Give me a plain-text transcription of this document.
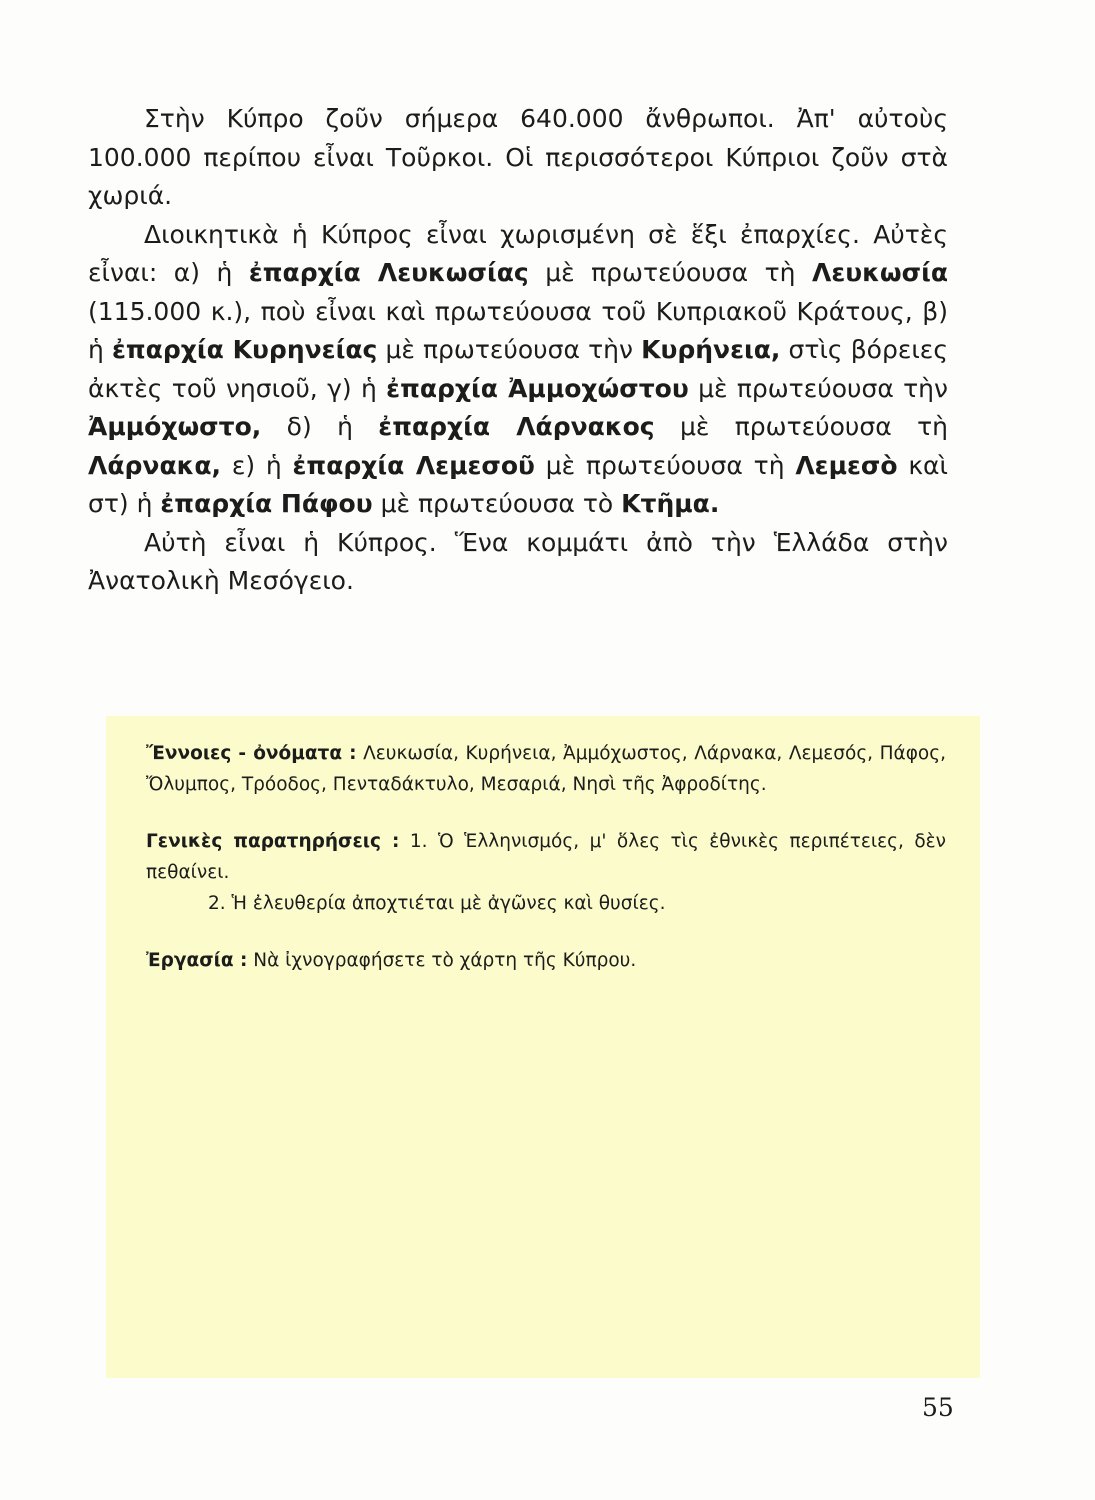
Στὴν Κύπρο ζοῦν σήμερα 640.000 ἄνθρωποι. Ἀπ' αὐτοὺς 100.000 περίπου εἶναι Τοῦρκοι. Οἱ περισσότεροι Κύπριοι ζοῦν στὰ χωριά.

Διοικητικὰ ἡ Κύπρος εἶναι χωρισμένη σὲ ἕξι ἐπαρχίες. Αὐτὲς εἶναι: α) ἡ ἐπαρχία Λευκωσίας μὲ πρωτεύουσα τὴ Λευκωσία (115.000 κ.), ποὺ εἶναι καὶ πρωτεύουσα τοῦ Κυπριακοῦ Κράτους, β) ἡ ἐπαρχία Κυρηνείας μὲ πρωτεύουσα τὴν Κυρήνεια, στὶς βόρειες ἀκτὲς τοῦ νησιοῦ, γ) ἡ ἐπαρχία Ἀμμοχώστου μὲ πρωτεύουσα τὴν Ἀμμόχωστο, δ) ἡ ἐπαρχία Λάρνακος μὲ πρωτεύουσα τὴ Λάρνακα, ε) ἡ ἐπαρχία Λεμεσοῦ μὲ πρωτεύουσα τὴ Λεμεσὸ καὶ στ) ἡ ἐπαρχία Πάφου μὲ πρωτεύουσα τὸ Κτῆμα.

Αὐτὴ εἶναι ἡ Κύπρος. Ἕνα κομμάτι ἀπὸ τὴν Ἑλλάδα στὴν Ἀνατολικὴ Μεσόγειο.

Ἔννοιες - ὀνόματα : Λευκωσία, Κυρήνεια, Ἀμμόχωστος, Λάρνακα, Λεμεσός, Πάφος, Ὄλυμπος, Τρόοδος, Πενταδάκτυλο, Μεσαριά, Νησὶ τῆς Ἀφροδίτης.

Γενικὲς παρατηρήσεις : 1. Ὁ Ἑλληνισμός, μ' ὅλες τὶς ἐθνικὲς περιπέτειες, δὲν πεθαίνει.

2. Ἡ ἐλευθερία ἀποχτιέται μὲ ἀγῶνες καὶ θυσίες.

Ἐργασία : Νὰ ἰχνογραφήσετε τὸ χάρτη τῆς Κύπρου.

55
